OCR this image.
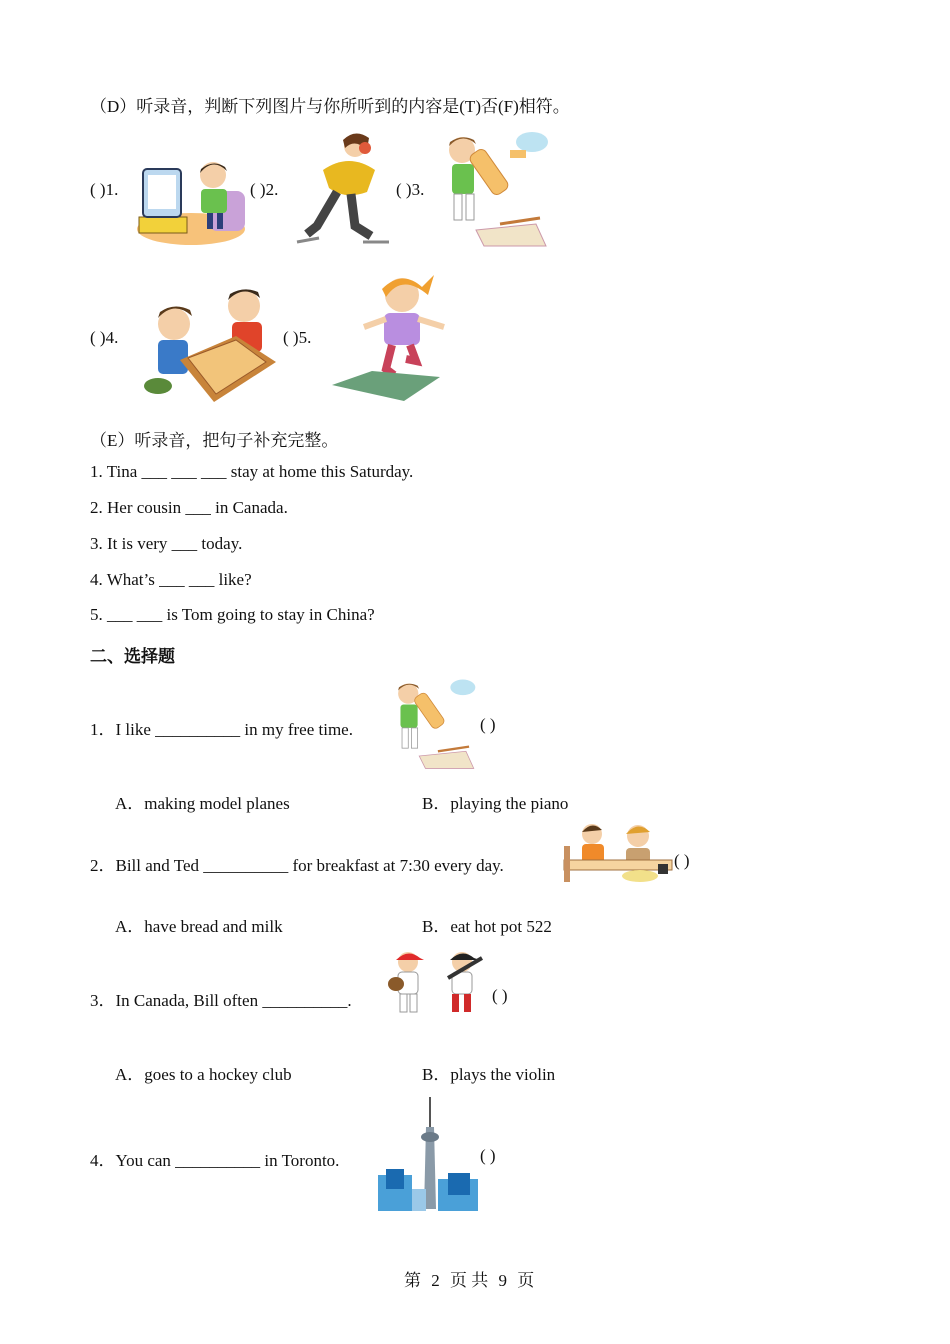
（D）听录音，判断下列图片与你所听到的内容是(T)否(F)相符。
( )1.	( )2.	( )3.
( )4.	( )5.
（E）听录音，把句子补充完整。
1. Tina ___ ___ ___ stay at home this Saturday.
2. Her cousin ___ in Canada.
3. It is very ___ today.
4. What’s ___ ___ like?
5. ___ ___ is Tom going to stay in China?
二、选择题
1．I like __________ in my free time.	( )
A．making model planes	B．playing the piano
2．Bill and Ted __________ for breakfast at 7:30 every day.	( )
A．have bread and milk	B．eat hot pot 522
3．In Canada, Bill often __________.	( )
A．goes to a hockey club	B．plays the violin
4．You can __________ in Toronto.	( )
第 2 页 共 9 页
